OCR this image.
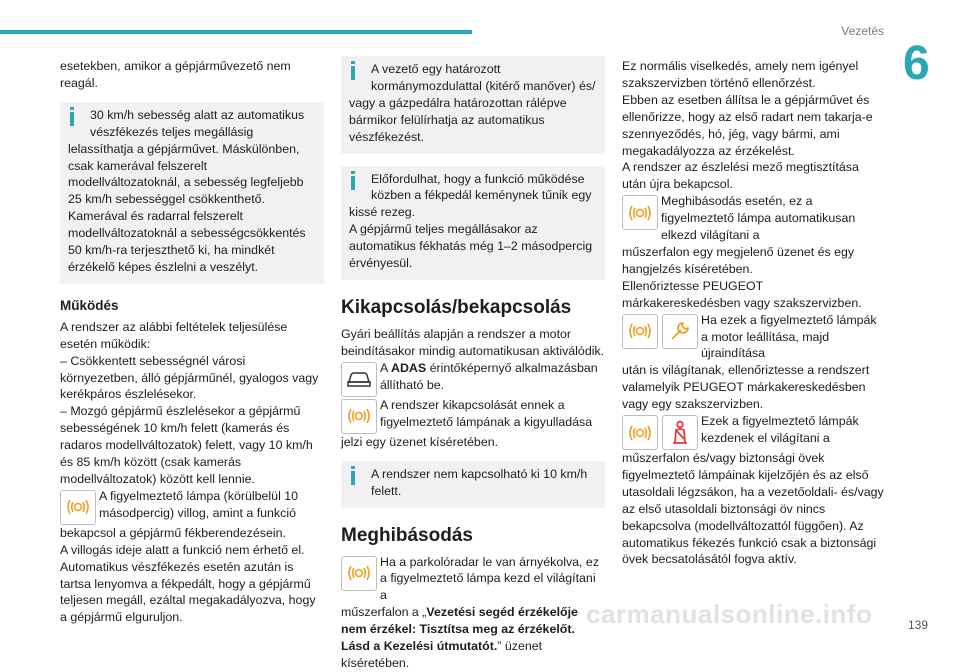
Vezetés
6

esetekben, amikor a gépjárművezető nem reagál.

30 km/h sebesség alatt az automatikus vészfékezés teljes megállásig

lelassíthatja a gépjárművet. Máskülönben, csak kamerával felszerelt modellváltozatoknál, a sebesség legfeljebb 25 km/h sebességgel csökkenthető. Kamerával és radarral felszerelt modellváltozatoknál a sebességcsökkentés 50 km/h-ra terjeszthető ki, ha mindkét érzékelő képes észlelni a veszélyt.

Működés

A rendszer az alábbi feltételek teljesülése esetén működik:

– Csökkentett sebességnél városi környezetben, álló gépjárműnél, gyalogos vagy kerékpáros észlelésekor.

– Mozgó gépjármű észlelésekor a gépjármű sebességének 10 km/h felett (kamerás és radaros modellváltozatok) felett, vagy 10 km/h és 85 km/h között (csak kamerás modellváltozatok) között kell lennie.

A figyelmeztető lámpa (körülbelül 10 másodpercig) villog, amint a funkció

bekapcsol a gépjármű fékberendezésein.

A villogás ideje alatt a funkció nem érhető el.

Automatikus vészfékezés esetén azután is tartsa lenyomva a fékpedált, hogy a gépjármű teljesen megáll, ezáltal megakadályozva, hogy a gépjármű elguruljon.

A vezető egy határozott kormánymozdulattal (kitérő manőver) és/

vagy a gázpedálra határozottan rálépve bármikor felülírhatja az automatikus vészfékezést.

Előfordulhat, hogy a funkció működése közben a fékpedál keménynek tűnik egy

kissé rezeg.

A gépjármű teljes megállásakor az automatikus fékhatás még 1–2 másodpercig érvényesül.

Kikapcsolás/bekapcsolás

Gyári beállítás alapján a rendszer a motor beindításakor mindig automatikusan aktiválódik.

A ADAS érintőképernyő alkalmazásban állítható be.

A rendszer kikapcsolását ennek a figyelmeztető lámpának a kigyulladása

jelzi egy üzenet kíséretében.

A rendszer nem kapcsolható ki 10 km/h felett.

Meghibásodás

Ha a parkolóradar le van árnyékolva, ez a figyelmeztető lámpa kezd el világítani a

műszerfalon a „Vezetési segéd érzékelője nem érzékel: Tisztítsa meg az érzékelőt. Lásd a Kezelési útmutatót.” üzenet kíséretében.

Ez normális viselkedés, amely nem igényel szakszervizben történő ellenőrzést.

Ebben az esetben állítsa le a gépjárművet és ellenőrizze, hogy az első radart nem takarja-e szennyeződés, hó, jég, vagy bármi, ami megakadályozza az érzékelést.

A rendszer az észlelési mező megtisztítása után újra bekapcsol.

Meghibásodás esetén, ez a figyelmeztető lámpa automatikusan elkezd világítani a

műszerfalon egy megjelenő üzenet és egy hangjelzés kíséretében.

Ellenőriztesse PEUGEOT márkakereskedésben vagy szakszervizben.

Ha ezek a figyelmeztető lámpák a motor leállítása, majd újraindítása

után is világítanak, ellenőriztesse a rendszert valamelyik PEUGEOT márkakereskedésben vagy egy szakszervizben.

Ezek a figyelmeztető lámpák kezdenek el világítani a

műszerfalon és/vagy biztonsági övek figyelmeztető lámpáinak kijelzőjén és az első utasoldali légzsákon, ha a vezetőoldali- és/vagy az első utasoldali biztonsági öv nincs bekapcsolva (modellváltozattól függően). Az automatikus fékezés funkció csak a biztonsági övek becsatolásától fogva aktív.

carmanualsonline.info	139
